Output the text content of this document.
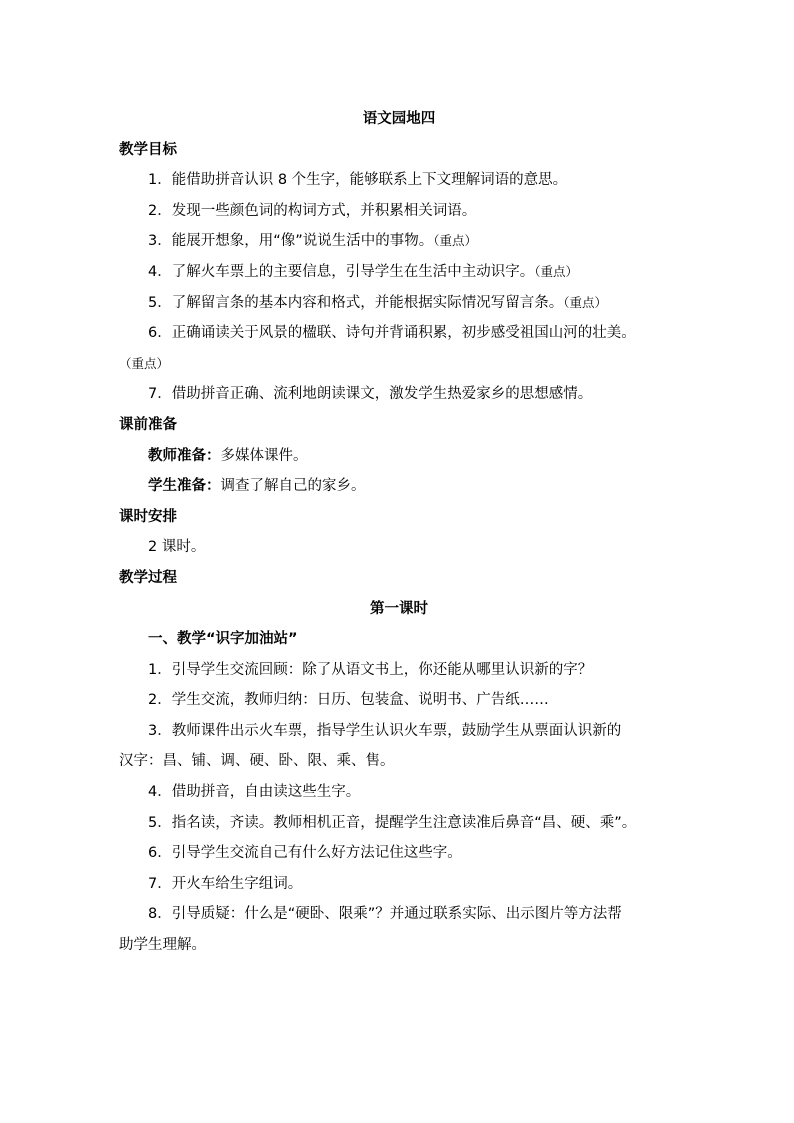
语文园地四
教学目标
1．能借助拼音认识 8 个生字，能够联系上下文理解词语的意思。
2．发现一些颜色词的构词方式，并积累相关词语。
3．能展开想象，用“像”说说生活中的事物。（重点）
4．了解火车票上的主要信息，引导学生在生活中主动识字。（重点）
5．了解留言条的基本内容和格式，并能根据实际情况写留言条。（重点）
6．正确诵读关于风景的楹联、诗句并背诵积累，初步感受祖国山河的壮美。
（重点）
7．借助拼音正确、流利地朗读课文，激发学生热爱家乡的思想感情。
课前准备
教师准备：多媒体课件。
学生准备：调查了解自己的家乡。
课时安排
2 课时。
教学过程
第一课时
一、教学“识字加油站”
1．引导学生交流回顾：除了从语文书上，你还能从哪里认识新的字？
2．学生交流，教师归纳：日历、包装盒、说明书、广告纸……
3．教师课件出示火车票，指导学生认识火车票，鼓励学生从票面认识新的
汉字：昌、铺、调、硬、卧、限、乘、售。
4．借助拼音，自由读这些生字。
5．指名读，齐读。教师相机正音，提醒学生注意读准后鼻音“昌、硬、乘”。
6．引导学生交流自己有什么好方法记住这些字。
7．开火车给生字组词。
8．引导质疑：什么是“硬卧、限乘”？并通过联系实际、出示图片等方法帮
助学生理解。
